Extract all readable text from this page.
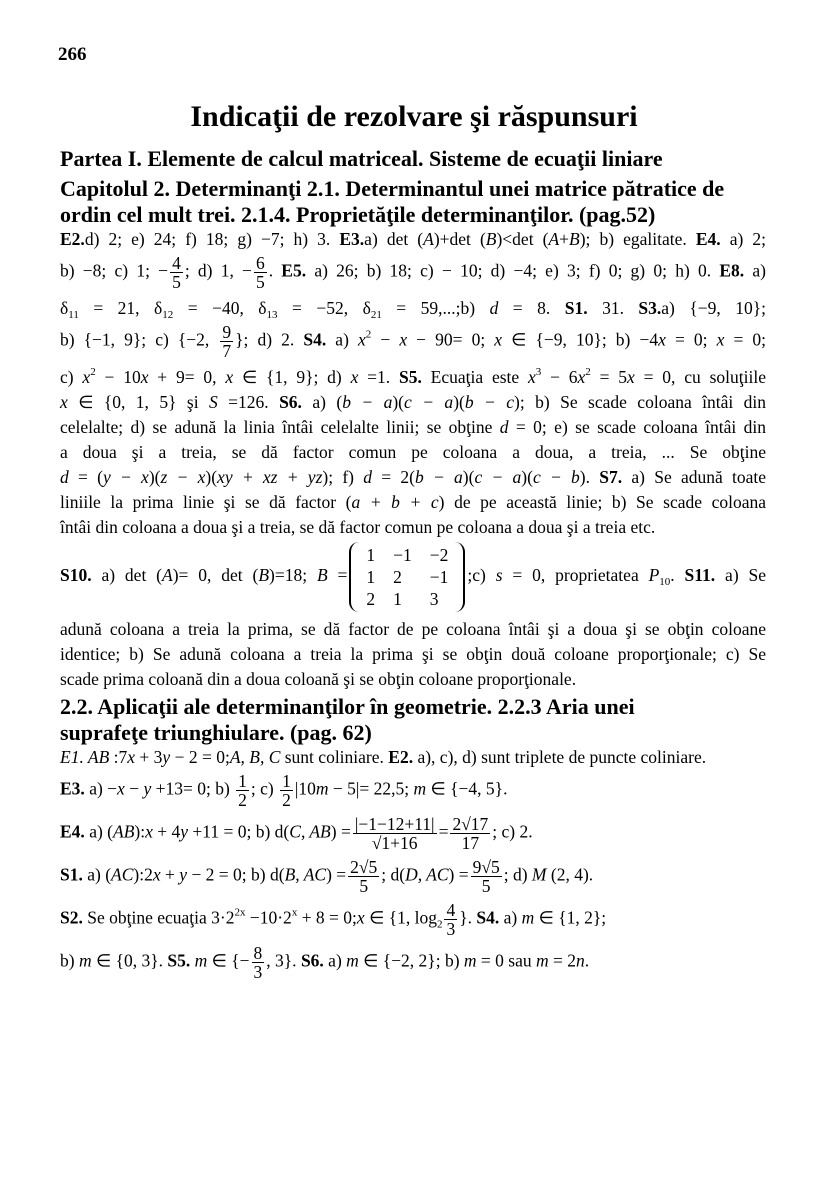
266
Indicaţii de rezolvare şi răspunsuri
Partea I. Elemente de calcul matriceal. Sisteme de ecuaţii liniare
Capitolul 2. Determinanţi 2.1. Determinantul unei matrice pătratice de
ordin cel mult trei. 2.1.4. Proprietăţile determinanţilor. (pag.52)
E2.d) 2; e) 24; f) 18; g) −7; h) 3. E3.a) det (A)+det (B)<det (A+B); b) egalitate. E4. a) 2;
b) −8; c) 1; − $\frac{4}{5}$ ; d) 1, − $\frac{6}{5}$ . E5. a) 26; b) 18; c) − 10; d) −4; e) 3; f) 0; g) 0; h) 0. E8. a)
$\delta_{11} = 21$, $\delta_{12} = -40$, $\delta_{13} = -52$, $\delta_{21}$ = 59,...;b) d = 8. S1. 31. S3.a) {−9, 10};
b) {−1, 9}; c) {−2, $\frac{9}{7}$ }; d) 2. S4. a) $x^2 - x - 90= 0$; x ∈ {−9, 10}; b) −4x = 0; x = 0;
c) $x^2 - 10x + 9= 0$, x ∈ {1, 9}; d) x =1. S5. Ecuaţia este $x^3 - 6x^2 = 5x = 0$, cu soluţiile
x ∈ {0, 1, 5} şi S =126. S6. a) (b − a)(c − a)(b − c); b) Se scade coloana întâi din
celelalte; d) se adună la linia întâi celelalte linii; se obţine d = 0; e) se scade coloana întâi din
a doua şi a treia, se dă factor comun pe coloana a doua, a treia, ... Se obţine
d = (y − x)(z − x)(xy + xz + yz); f) d = 2(b − a)(c − a)(c − b). S7. a) Se adună toate
liniile la prima linie şi se dă factor (a + b + c) de pe această linie; b) Se scade coloana
întâi din coloana a doua şi a treia, se dă factor comun pe coloana a doua şi a treia etc.
S10. a) det (A)= 0, det (B)=18; B =
1	−1	−2
1	2	−1
2	1	3
;c) s = 0, proprietatea $P_{10}$. S11. a) Se
adună coloana a treia la prima, se dă factor de pe coloana întâi şi a doua şi se obţin coloane
identice; b) Se adună coloana a treia la prima şi se obţin două coloane proporţionale; c) Se
scade prima coloană din a doua coloană şi se obţin coloane proporţionale.
2.2. Aplicaţii ale determinanţilor în geometrie. 2.2.3 Aria unei
suprafeţe triunghiulare. (pag. 62)
E1. AB :7x + 3y − 2 = 0;A, B, C sunt coliniare. E2. a), c), d) sunt triplete de puncte coliniare.
E3. a) −x − y +13= 0; $b) \frac{1}{2}$ ; $c) \frac{1}{2} |10m - 5|= 22,5$; m ∈ {−4, 5}.
E4. a) (AB):x + 4y +11 = 0; b) d(C, $AB) = \frac{|-1-12+11|}{√1+16} = \frac{2√17}{17}$ ; c) 2.
S1. a) (AC):2x + y − 2 = 0; b) d(B, $AC) = \frac{2√5}{5}$ ; d(D, $AC) = \frac{9√5}{5}$ ; d) M (2, 4).
S2. Se obţine ecuaţia $3\cdot 2^{2x} -10\cdot 2^x + 8$ = 0;x ∈ {1, $\log_2 \frac{4}{3}$ }. S4. a) m ∈ {1, 2};
b) m ∈ {0, 3}. S5. m ∈ {− $\frac{8}{3}$ , 3}. S6. a) m ∈ {−2, 2}; b) m = 0 sau m = 2n.
